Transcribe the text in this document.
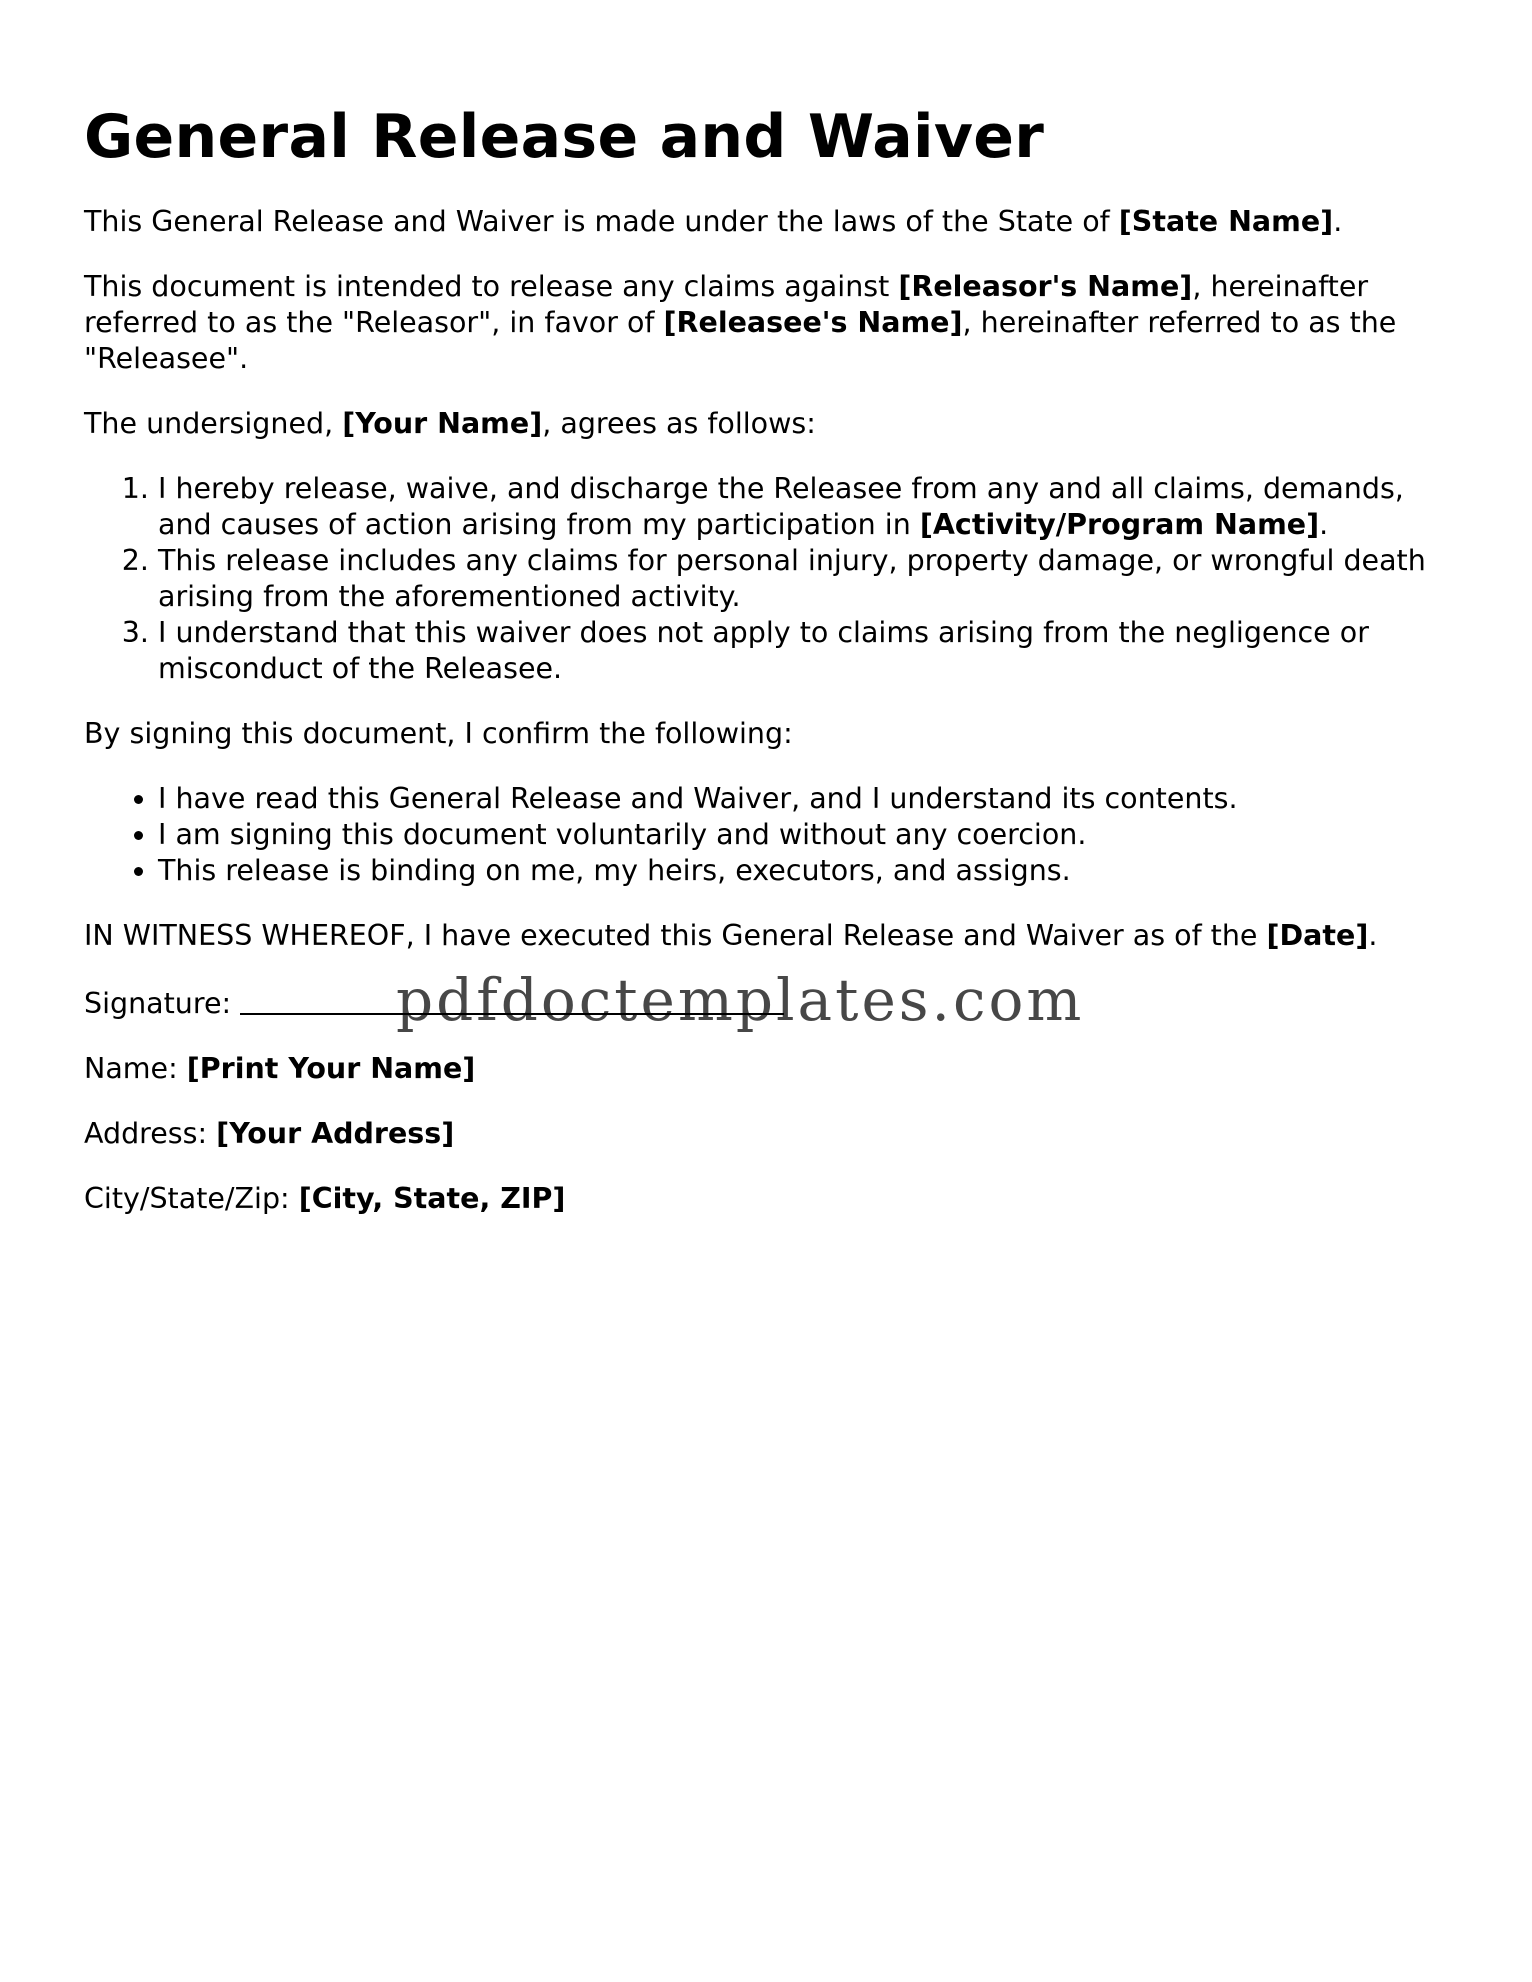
General Release and Waiver

This General Release and Waiver is made under the laws of the State of [State Name].

This document is intended to release any claims against [Releasor's Name], hereinafter referred to as the "Releasor", in favor of [Releasee's Name], hereinafter referred to as the "Releasee".

The undersigned, [Your Name], agrees as follows:

1. I hereby release, waive, and discharge the Releasee from any and all claims, demands, and causes of action arising from my participation in [Activity/Program Name].
2. This release includes any claims for personal injury, property damage, or wrongful death arising from the aforementioned activity.
3. I understand that this waiver does not apply to claims arising from the negligence or misconduct of the Releasee.

By signing this document, I confirm the following:

• I have read this General Release and Waiver, and I understand its contents.
• I am signing this document voluntarily and without any coercion.
• This release is binding on me, my heirs, executors, and assigns.

IN WITNESS WHEREOF, I have executed this General Release and Waiver as of the [Date].

Signature:

Name: [Print Your Name]

Address: [Your Address]

City/State/Zip: [City, State, ZIP]

pdfdoctemplates.com
